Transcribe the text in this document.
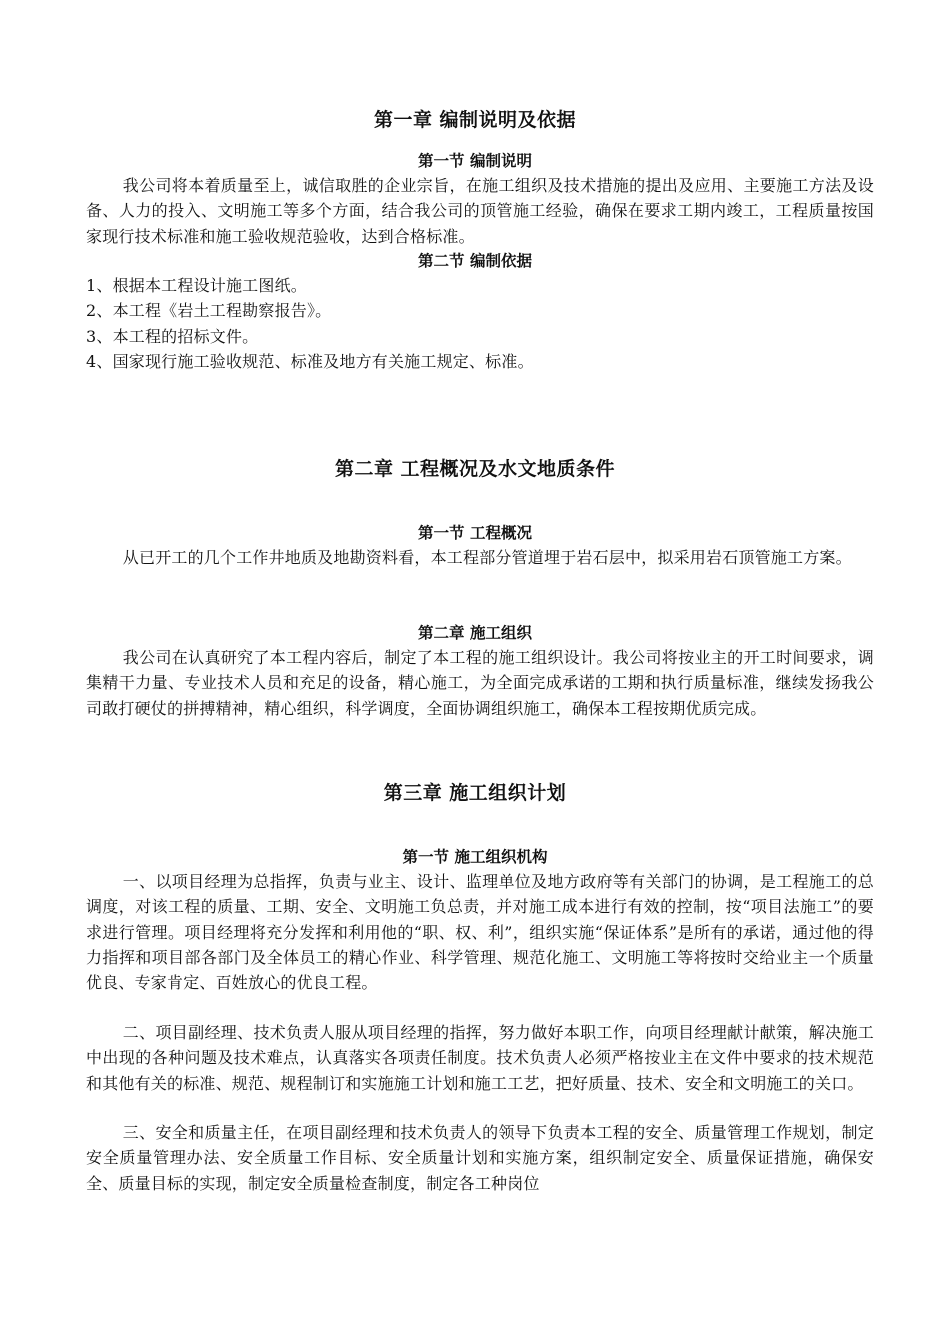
第一章 编制说明及依据
第一节 编制说明

我公司将本着质量至上，诚信取胜的企业宗旨，在施工组织及技术措施的提出及应用、主要施工方法及设备、人力的投入、文明施工等多个方面，结合我公司的顶管施工经验，确保在要求工期内竣工，工程质量按国家现行技术标准和施工验收规范验收，达到合格标准。

第二节 编制依据
1、根据本工程设计施工图纸。
2、本工程《岩土工程勘察报告》。
3、本工程的招标文件。
4、国家现行施工验收规范、标准及地方有关施工规定、标准。
第二章 工程概况及水文地质条件
第一节 工程概况

从已开工的几个工作井地质及地勘资料看，本工程部分管道埋于岩石层中，拟采用岩石顶管施工方案。

第二章 施工组织

我公司在认真研究了本工程内容后，制定了本工程的施工组织设计。我公司将按业主的开工时间要求，调集精干力量、专业技术人员和充足的设备，精心施工，为全面完成承诺的工期和执行质量标准，继续发扬我公司敢打硬仗的拼搏精神，精心组织，科学调度，全面协调组织施工，确保本工程按期优质完成。

第三章 施工组织计划
第一节 施工组织机构

一、以项目经理为总指挥，负责与业主、设计、监理单位及地方政府等有关部门的协调，是工程施工的总调度，对该工程的质量、工期、安全、文明施工负总责，并对施工成本进行有效的控制，按“项目法施工”的要求进行管理。项目经理将充分发挥和利用他的“职、权、利”，组织实施“保证体系”是所有的承诺，通过他的得力指挥和项目部各部门及全体员工的精心作业、科学管理、规范化施工、文明施工等将按时交给业主一个质量优良、专家肯定、百姓放心的优良工程。

二、项目副经理、技术负责人服从项目经理的指挥，努力做好本职工作，向项目经理献计献策，解决施工中出现的各种问题及技术难点，认真落实各项责任制度。技术负责人必须严格按业主在文件中要求的技术规范和其他有关的标准、规范、规程制订和实施施工计划和施工工艺，把好质量、技术、安全和文明施工的关口。

三、安全和质量主任，在项目副经理和技术负责人的领导下负责本工程的安全、质量管理工作规划，制定安全质量管理办法、安全质量工作目标、安全质量计划和实施方案，组织制定安全、质量保证措施，确保安全、质量目标的实现，制定安全质量检查制度，制定各工种岗位
